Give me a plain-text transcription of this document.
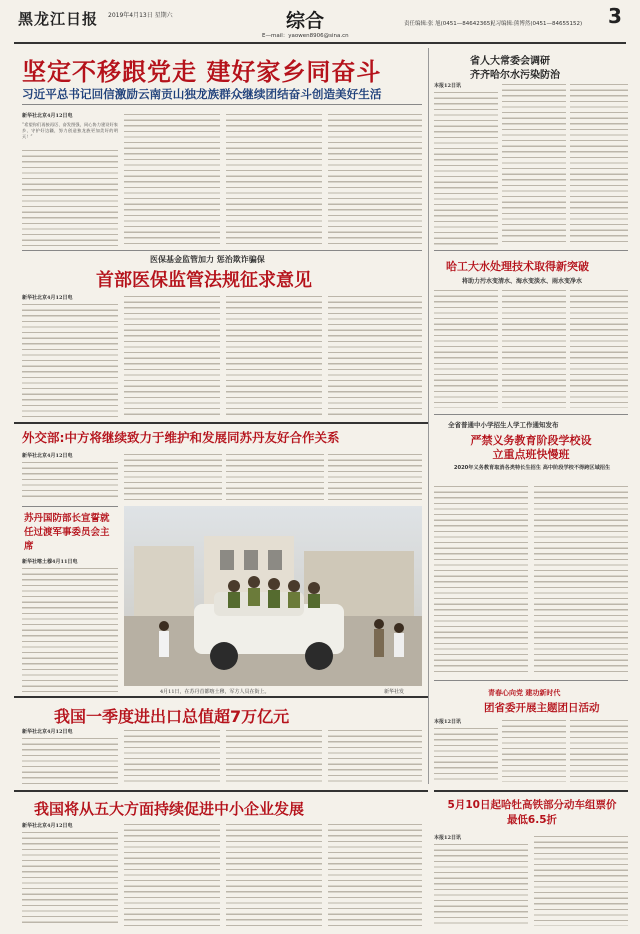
黑龙江日报 2019年4月13日 星期六	综合
E—mail：yaowen8906@sina.cn
责任编辑:张 旭(0451—84642365)
见习编辑:熊博然(0451—84655152) 3
坚定不移跟党走 建好家乡同奋斗
习近平总书记回信激励云南贡山独龙族群众继续团结奋斗创造美好生活
新华社北京4月12日电
“希望你们再接再厉、奋发图强，同心协力建设好家乡、守护好边疆，努力创造独龙族更加美好的明天！”
医保基金监管加力 惩治欺诈骗保
首部医保监管法规征求意见
新华社北京4月12日电
省人大常委会调研
齐齐哈尔水污染防治
本报12日讯
哈工大水处理技术取得新突破
将助力污水变清水、海水变淡水、雨水变净水
全省普通中小学招生人学工作通知发布
严禁义务教育阶段学校设立重点班快慢班
2020年义务教育取消各类特长生招生 高中阶段学校不得跨区域招生
青春心向党 建功新时代
团省委开展主题团日活动
本报12日讯
外交部:中方将继续致力于维护和发展同苏丹友好合作关系
新华社北京4月12日电
苏丹国防部长宣誓就任过渡军事委员会主席
新华社喀土穆4月11日电
4月11日，在苏丹首都喀土穆，军方人员在街上。	新华社发
我国一季度进出口总值超7万亿元
新华社北京4月12日电
我国将从五大方面持续促进中小企业发展
新华社北京4月12日电
5月10日起哈牡高铁部分动车组票价最低6.5折
本报12日讯
